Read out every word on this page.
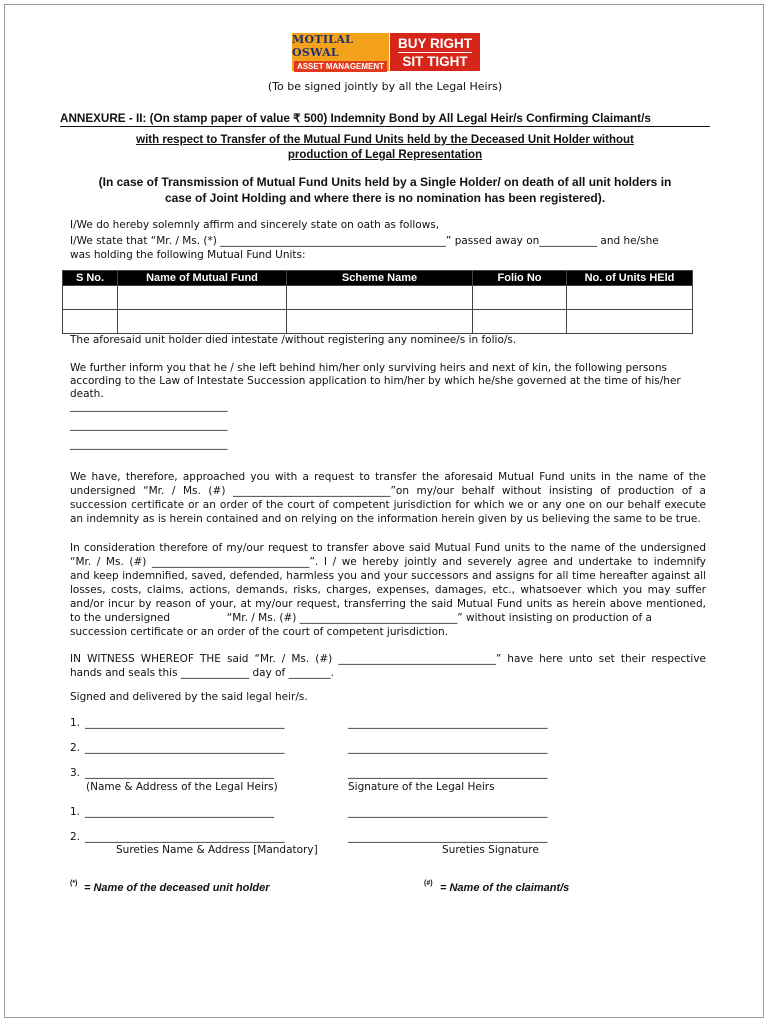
MOTILAL OSWAL
ASSET MANAGEMENT
BUY RIGHT
SIT TIGHT
(To be signed jointly by all the Legal Heirs)
ANNEXURE - II: (On stamp paper of value ₹ 500) Indemnity Bond by All Legal Heir/s Confirming Claimant/s
with respect to Transfer of the Mutual Fund Units held by the Deceased Unit Holder without
production of Legal Representation
(In case of Transmission of Mutual Fund Units held by a Single Holder/ on death of all unit holders in
case of Joint Holding and where there is no nomination has been registered).
I/We do hereby solemnly affirm and sincerely state on oath as follows,
I/We state that “Mr. / Ms. (*) ___________________________________________” passed away on___________ and he/she
was holding the following Mutual Fund Units:
S No.	Name of Mutual Fund	Scheme Name	Folio No	No. of Units HEld

The aforesaid unit holder died intestate /without registering any nominee/s in folio/s.
We further inform you that he / she left behind him/her only surviving heirs and next of kin, the following persons
according to the Law of Intestate Succession application to him/her by which he/she governed at the time of his/her
death.
______________________________
______________________________
______________________________
We have, therefore, approached you with a request to transfer the aforesaid Mutual Fund units in the name of the
undersigned “Mr. / Ms. (#) ______________________________”on my/our behalf without insisting of production of a
succession certificate or an order of the court of competent jurisdiction for which we or any one on our behalf execute
an indemnity as is herein contained and on relying on the information herein given by us believing the same to be true.
In consideration therefore of my/our request to transfer above said Mutual Fund units to the name of the undersigned
“Mr. / Ms. (#) ______________________________”. I / we hereby jointly and severely agree and undertake to indemnify
and keep indemnified, saved, defended, harmless you and your successors and assigns for all time hereafter against all
losses, costs, claims, actions, demands, risks, charges, expenses, damages, etc., whatsoever which you may suffer
and/or incur by reason of your, at my/our request, transferring the said Mutual Fund units as herein above mentioned,
to the undersigned                 “Mr. / Ms. (#) ______________________________” without insisting on production of a
succession certificate or an order of the court of competent jurisdiction.
IN WITNESS WHEREOF THE said “Mr. / Ms. (#) ______________________________” have here unto set their respective
hands and seals this _____________ day of ________.
Signed and delivered by the said legal heir/s.
1. ______________________________________	______________________________________
2. ______________________________________	______________________________________
3. ____________________________________	______________________________________
(Name & Address of the Legal Heirs)	Signature of the Legal Heirs
1. ____________________________________	______________________________________
2. ______________________________________	______________________________________
Sureties Name & Address [Mandatory]	Sureties Signature
(*) = Name of the deceased unit holder	(#) = Name of the claimant/s
